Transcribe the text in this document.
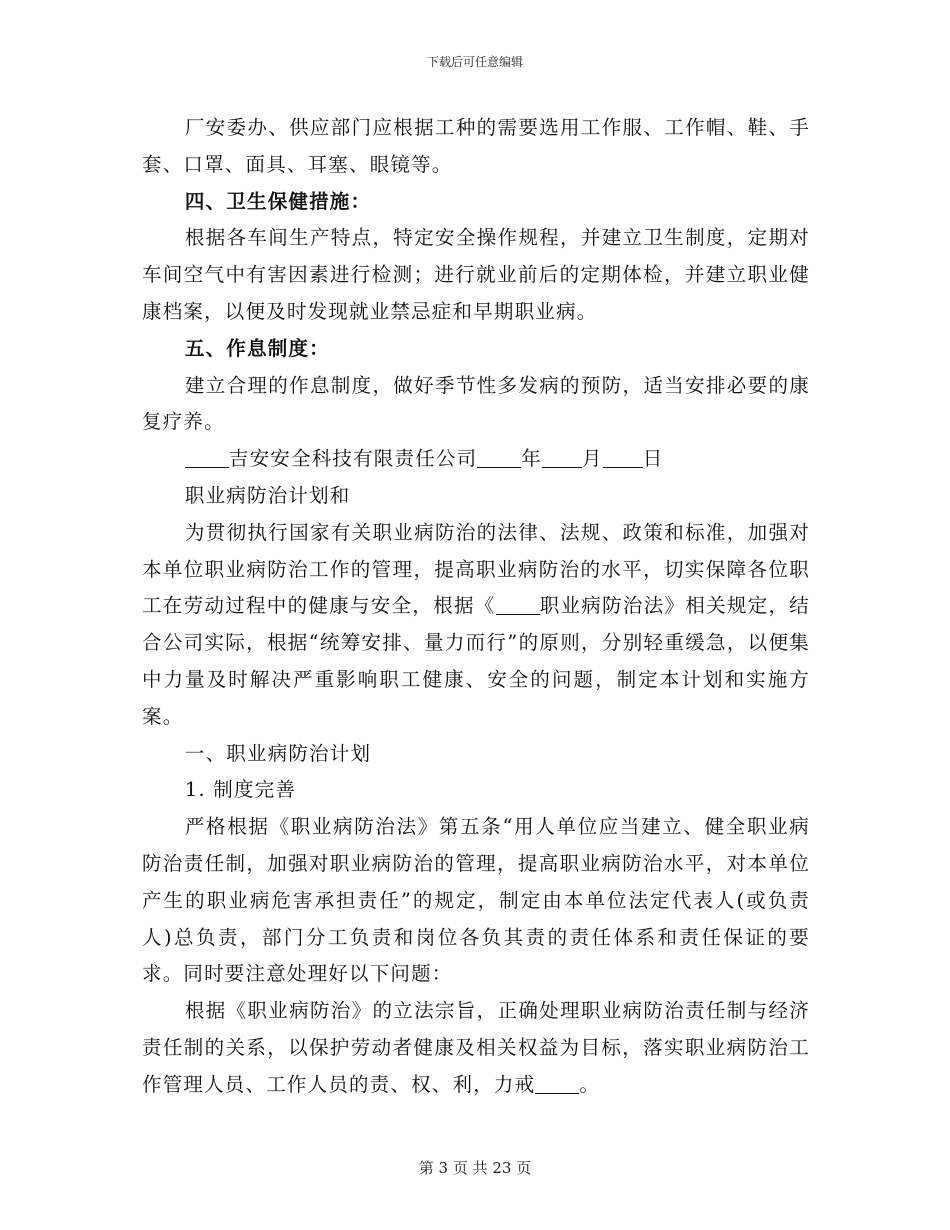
下载后可任意编辑

厂安委办、供应部门应根据工种的需要选用工作服、工作帽、鞋、手套、口罩、面具、耳塞、眼镜等。

四、卫生保健措施：

根据各车间生产特点，特定安全操作规程，并建立卫生制度，定期对车间空气中有害因素进行检测；进行就业前后的定期体检，并建立职业健康档案，以便及时发现就业禁忌症和早期职业病。

五、作息制度：

建立合理的作息制度，做好季节性多发病的预防，适当安排必要的康复疗养。

吉安安全科技有限责任公司 年 月 日

职业病防治计划和

为贯彻执行国家有关职业病防治的法律、法规、政策和标准，加强对本单位职业病防治工作的管理，提高职业病防治的水平，切实保障各位职工在劳动过程中的健康与安全，根据《 职业病防治法》相关规定，结合公司实际，根据“统筹安排、量力而行”的原则，分别轻重缓急，以便集中力量及时解决严重影响职工健康、安全的问题，制定本计划和实施方案。

一、职业病防治计划

1. 制度完善

严格根据《职业病防治法》第五条“用人单位应当建立、健全职业病防治责任制，加强对职业病防治的管理，提高职业病防治水平，对本单位产生的职业病危害承担责任”的规定，制定由本单位法定代表人(或负责人)总负责，部门分工负责和岗位各负其责的责任体系和责任保证的要求。同时要注意处理好以下问题：

根据《职业病防治》的立法宗旨，正确处理职业病防治责任制与经济责任制的关系，以保护劳动者健康及相关权益为目标，落实职业病防治工作管理人员、工作人员的责、权、利，力戒 。

第 3 页 共 23 页
